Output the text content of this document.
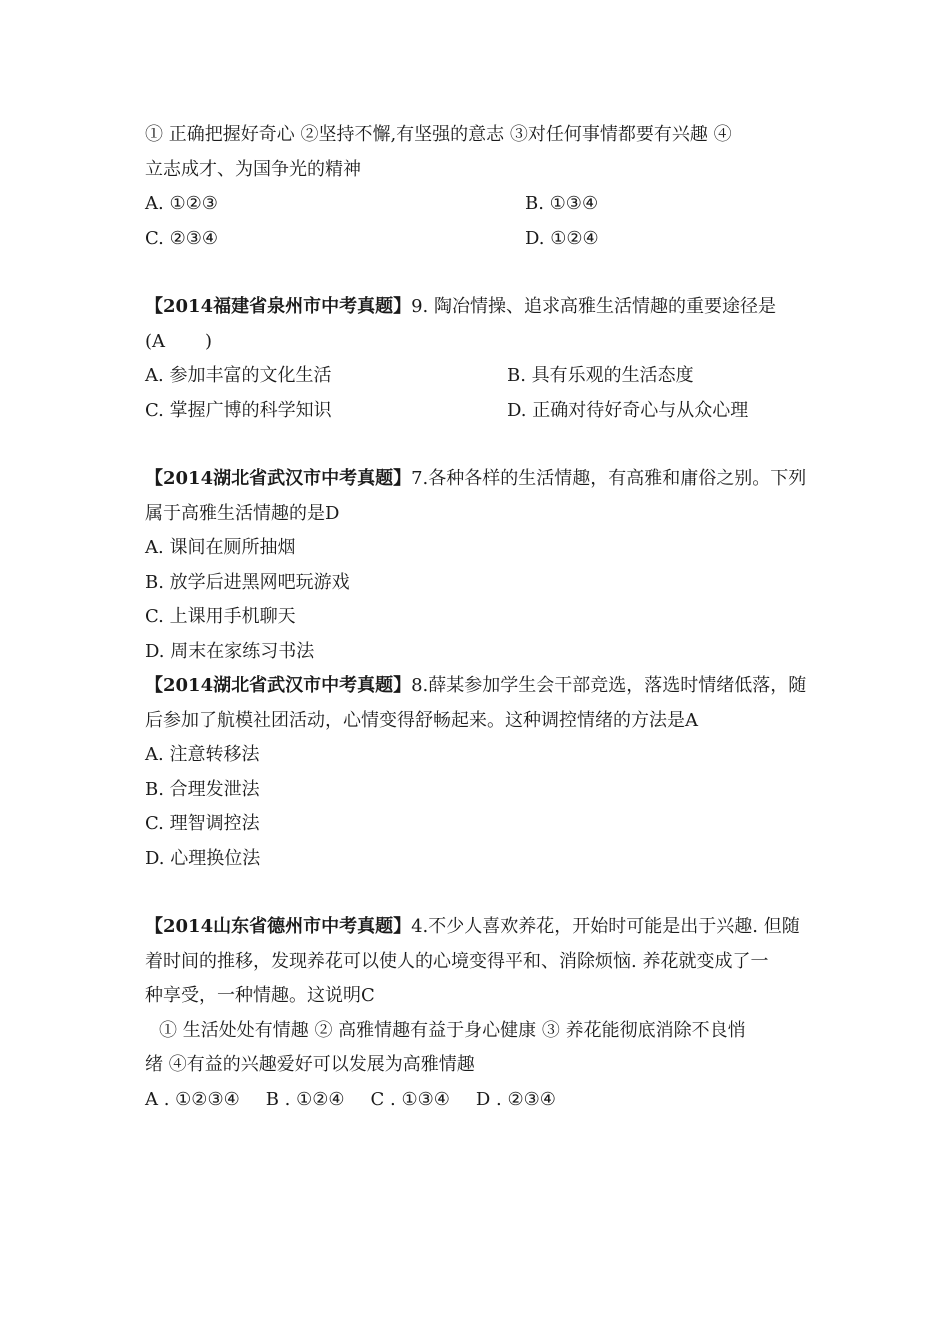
① 正确把握好奇心 ②坚持不懈,有坚强的意志 ③对任何事情都要有兴趣 ④
立志成才、为国争光的精神
A. ①②③	B. ①③④
C. ②③④	D. ①②④
【2014福建省泉州市中考真题】9. 陶冶情操、追求高雅生活情趣的重要途径是
(A )
A. 参加丰富的文化生活	B. 具有乐观的生活态度
C. 掌握广博的科学知识	D. 正确对待好奇心与从众心理
【2014湖北省武汉市中考真题】7.各种各样的生活情趣，有高雅和庸俗之别。下列
属于高雅生活情趣的是D
A. 课间在厕所抽烟
B. 放学后进黑网吧玩游戏
C. 上课用手机聊天
D. 周末在家练习书法
【2014湖北省武汉市中考真题】8.薛某参加学生会干部竞选，落选时情绪低落，随
后参加了航模社团活动，心情变得舒畅起来。这种调控情绪的方法是A
A. 注意转移法
B. 合理发泄法
C. 理智调控法
D. 心理换位法
【2014山东省德州市中考真题】4.不少人喜欢养花，开始时可能是出于兴趣. 但随
着时间的推移，发现养花可以使人的心境变得平和、消除烦恼. 养花就变成了一
种享受，一种情趣。这说明C
① 生活处处有情趣 ② 高雅情趣有益于身心健康 ③ 养花能彻底消除不良悄
绪 ④有益的兴趣爱好可以发展为高雅情趣
A . ①②③④ B . ①②④ C . ①③④ D . ②③④
